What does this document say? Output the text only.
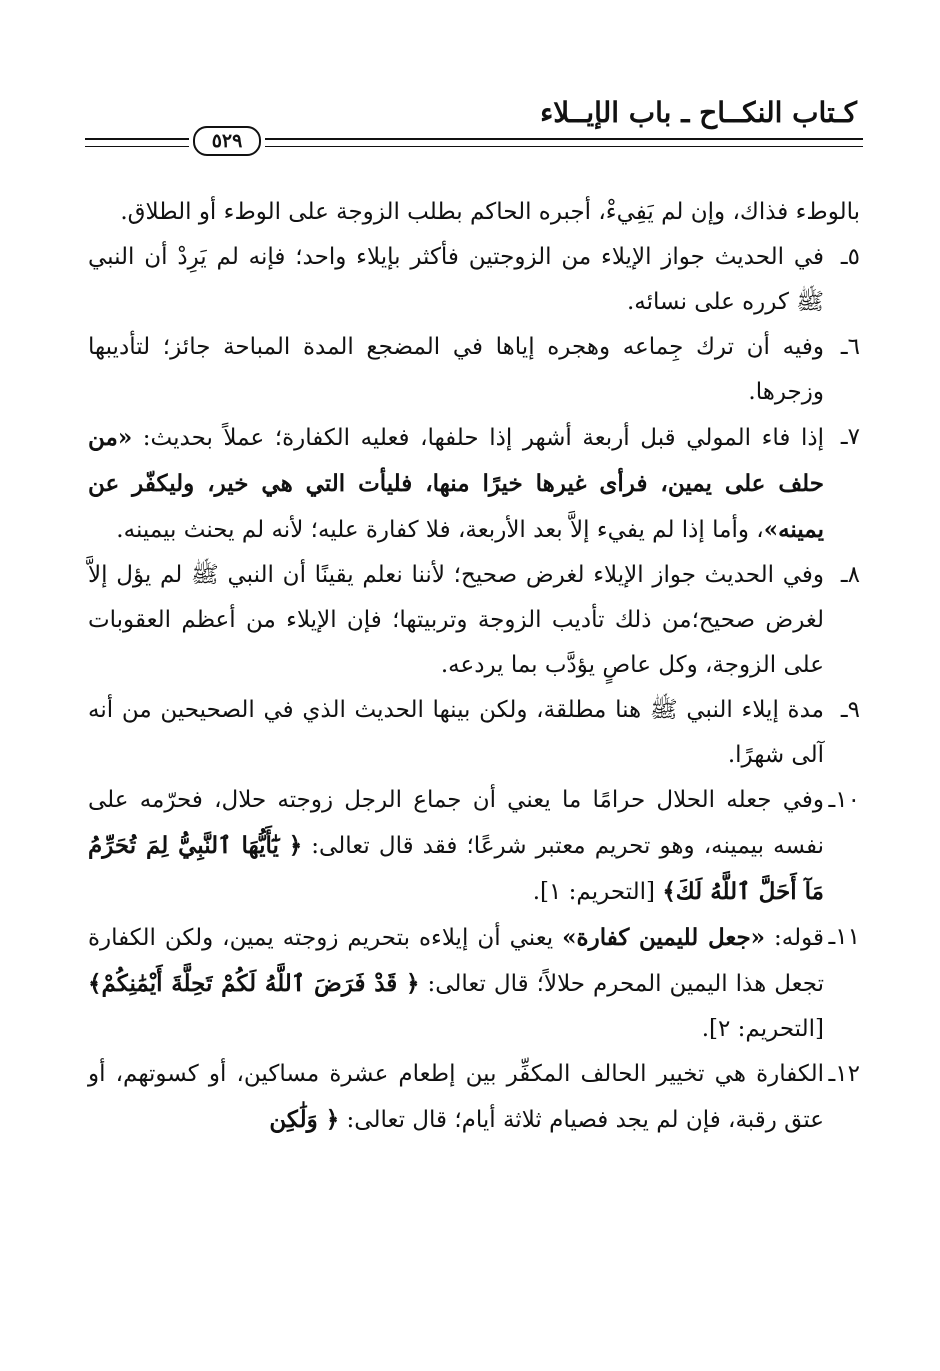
كـتاب النكــاح ـ باب الإيــلاء
٥٢٩

بالوطء فذاك، وإن لم يَفِيءْ، أجبره الحاكم بطلب الزوجة على الوطء أو الطلاق.

٥ـ
في الحديث جواز الإيلاء من الزوجتين فأكثر بإيلاء واحد؛ فإنه لم يَرِدْ أن النبي ﷺ كرره على نسائه.

٦ـ
وفيه أن ترك جِماعه وهجره إياها في المضجع المدة المباحة جائز؛ لتأديبها وزجرها.

٧ـ
إذا فاء المولي قبل أربعة أشهر إذا حلفها، فعليه الكفارة؛ عملاً بحديث: «من حلف على يمين، فرأى غيرها خيرًا منها، فليأت التي هي خير، وليكفّر عن يمينه»، وأما إذا لم يفيء إلاَّ بعد الأربعة، فلا كفارة عليه؛ لأنه لم يحنث بيمينه.

٨ـ
وفي الحديث جواز الإيلاء لغرض صحيح؛ لأننا نعلم يقينًا أن النبي ﷺ لم يؤل إلاَّ لغرض صحيح؛من ذلك تأديب الزوجة وتربيتها؛ فإن الإيلاء من أعظم العقوبات على الزوجة، وكل عاصٍ يؤدَّب بما يردعه.

٩ـ
مدة إيلاء النبي ﷺ هنا مطلقة، ولكن بينها الحديث الذي في الصحيحين من أنه آلى شهرًا.

١٠ـ
وفي جعله الحلال حرامًا ما يعني أن جماع الرجل زوجته حلال، فحرّمه على نفسه بيمينه، وهو تحريم معتبر شرعًا؛ فقد قال تعالى: ﴿ يَٰٓأَيُّهَا ٱلنَّبِيُّ لِمَ تُحَرِّمُ مَآ أَحَلَّ ٱللَّهُ لَكَ﴾ [التحريم: ١].

١١ـ
قوله: «جعل لليمين كفارة» يعني أن إيلاءه بتحريم زوجته يمين، ولكن الكفارة تجعل هذا اليمين المحرم حلالاً؛ قال تعالى: ﴿ قَدْ فَرَضَ ٱللَّهُ لَكُمْ تَحِلَّةَ أَيْمَٰنِكُمْ﴾ [التحريم: ٢].

١٢ـ
الكفارة هي تخيير الحالف المكفِّر بين إطعام عشرة مساكين، أو كسوتهم، أو عتق رقبة، فإن لم يجد فصيام ثلاثة أيام؛ قال تعالى: ﴿ وَلَٰكِن
